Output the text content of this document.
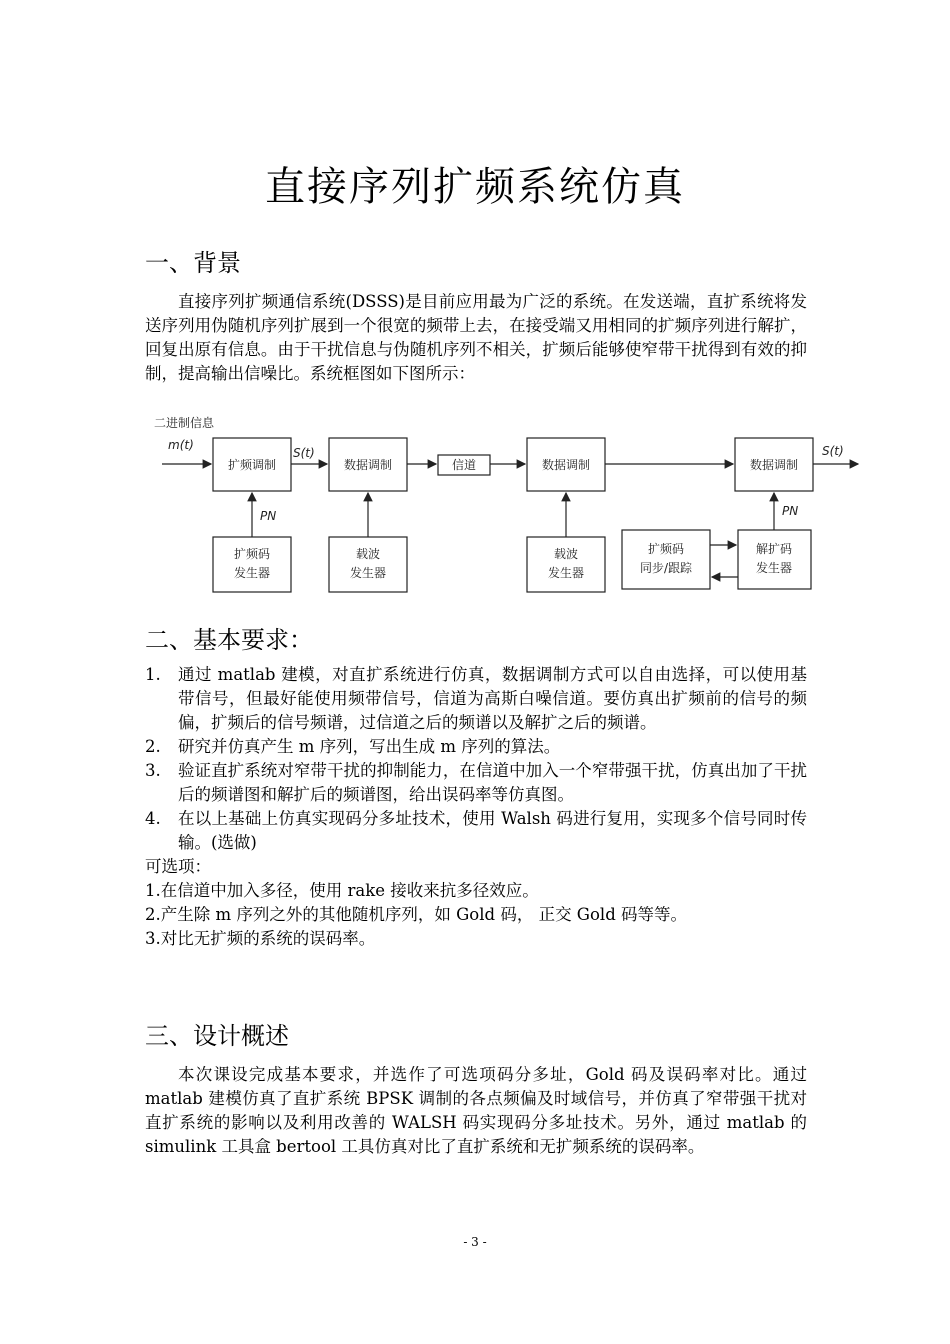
直接序列扩频系统仿真
一、背景

直接序列扩频通信系统(DSSS)是目前应用最为广泛的系统。在发送端，直扩系统将发送序列用伪随机序列扩展到一个很宽的频带上去，在接受端又用相同的扩频序列进行解扩，回复出原有信息。由于干扰信息与伪随机序列不相关，扩频后能够使窄带干扰得到有效的抑制，提高输出信噪比。系统框图如下图所示：

二进制信息
m(t)
S(t)	S(t)
PN	PN
扩频调制	数据调制	信道	数据调制	数据调制
扩频码
发生器
载波
发生器
载波
发生器
扩频码
同步/跟踪
解扩码
发生器
二、基本要求：
1.	通过 matlab 建模，对直扩系统进行仿真，数据调制方式可以自由选择，可以使用基带信号，但最好能使用频带信号，信道为高斯白噪信道。要仿真出扩频前的信号的频偏，扩频后的信号频谱，过信道之后的频谱以及解扩之后的频谱。
2.	研究并仿真产生 m 序列，写出生成 m 序列的算法。
3.	验证直扩系统对窄带干扰的抑制能力，在信道中加入一个窄带强干扰，仿真出加了干扰后的频谱图和解扩后的频谱图，给出误码率等仿真图。
4.	在以上基础上仿真实现码分多址技术，使用 Walsh 码进行复用，实现多个信号同时传输。(选做)
可选项：
1.在信道中加入多径，使用 rake 接收来抗多径效应。
2.产生除 m 序列之外的其他随机序列，如 Gold 码， 正交 Gold 码等等。
3.对比无扩频的系统的误码率。
三、设计概述

本次课设完成基本要求，并选作了可选项码分多址，Gold 码及误码率对比。通过 matlab 建模仿真了直扩系统 BPSK 调制的各点频偏及时域信号，并仿真了窄带强干扰对直扩系统的影响以及利用改善的 WALSH 码实现码分多址技术。另外，通过 matlab 的 simulink 工具盒 bertool 工具仿真对比了直扩系统和无扩频系统的误码率。

- 3 -
